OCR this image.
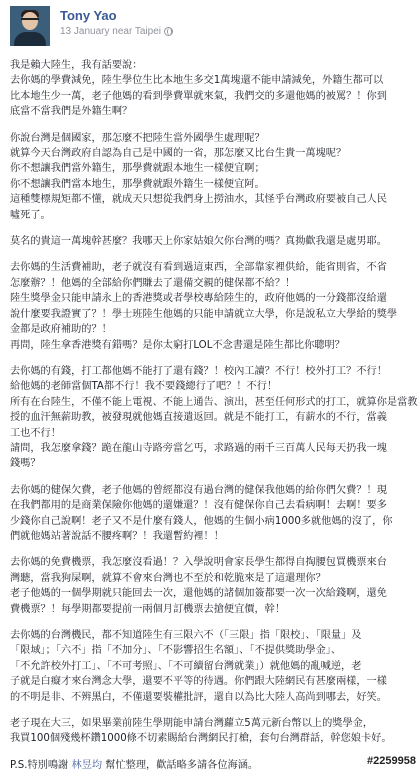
Tony Yao
13 January near Taipei

我是賴大陸生，我有話要說：
去你媽的學費減免，陸生學位生比本地生多交1萬塊還不能申請減免，外籍生都可以
比本地生少一萬，老子他媽的看到學費單就來氣，我們交的多還他媽的被罵？！你到
底當不當我們是外籍生啊？

你說台灣是個國家，那怎麼不把陸生當外國學生處理呢？
就算今天台灣政府自認為自己是中國的一省，那怎麼又比台生貴一萬塊呢？
你不想讓我們當外籍生，那學費就跟本地生一樣便宜啊；
你不想讓我們當本地生，那學費就跟外籍生一樣便宜阿。
這種雙標規矩都不懂，就成天只想從我們身上撈油水，其怪乎台灣政府要被自己人民
噓死了。

莫名的貴這一萬塊幹甚麼？我哪天上你家姑娘欠你台灣的嗎？真拗歡我還是處男耶。

去你媽的生活費補助，老子就沒有看到過這東西，全部靠家裡供給，能省則省，不省
怎麼辦？！他媽的全部給你們賺去了還備交親的健保都不給？！
陸生獎學金只能申請永上的香港獎或者學校專給陸生的，政府他媽的一分錢都沒給還
說什麼要我證實了？！學士班陸生他媽的只能申請就立大學，你是說私立大學給的獎學
金都是政府補助的？！
再問，陸生拿香港獎有錯嗎？是你太窮打LOL不念書還是陸生都比你聰明？

去你媽的有錢，打工都他媽不能打了還有錢？！校內工讀？不行！校外打工？不行！
給他媽的老師當個TA都不行！我不要錢總行了吧？！不行！
所有在台陸生，不僅不能上電視、不能上通告、演出，甚至任何形式的打工，就算你是當教
授的血汗無薪助教，被發現就他媽直接遣返回。就是不能打工，有薪水的不行，當義
工也不行！
請問，我怎麼拿錢？跪在龍山寺路旁當乞丐，求路過的兩千三百萬人民每天扔我一塊
錢嗎？

去你媽的健保欠費，老子他媽的曾經都沒有過台灣的健保我他媽的給你們欠費？！現
在我們都用的是商業保險你他媽的還嫌還？！沒有健保你自己去看病啊！去啊！要多
少錢你自己說啊！老子又不是什麼有錢人，他媽的生個小病1000多就他媽的沒了，你
們就他媽站著說話不腰疼啊？！我還暫約裡！！

去你媽的免費機票，我怎麼沒看過！？入學說明會家長學生都得自掏腰包買機票來台
灣聽，當我狗屎啊，就算不會來台灣也不至於和乾脆來是了這還理你？
老子他媽的一個學期就只能回去一次，還他媽的諸個加簽都要一次一次給錢啊，還免
費機票？！每學期都要提前一兩個月訂機票去搶便宜價，幹！

去你媽的台灣機民，都不知道陸生有三限六不（「三限」指「限校」、「限量」及
「限域」；「六不」指「不加分」、「不影響招生名額」、「不提供獎助學金」、
「不允許校外打工」、「不可考照」、「不可續留台灣就業」）就他媽的亂喊逆，老
子就是白癡才來台灣念大學，還要不平等的待遇。你們跟大陸網民有甚麼兩樣，一樣
的不明是非、不辨黑白，不僅還要裝權批評，還自以為比大陸人高尚到哪去，好笑。

老子現在大三，如果畢業前陸生學期能申請台灣蘿立5萬元新台幣以上的獎學金，
我買100個殘幾杯鑽1000條不切素賜給台灣網民打槍，套句台灣群話，幹您娘卡好。

P.S.特別鳴謝 林昱均 幫忙整理，歡話略多請各位海涵。	#2259958
